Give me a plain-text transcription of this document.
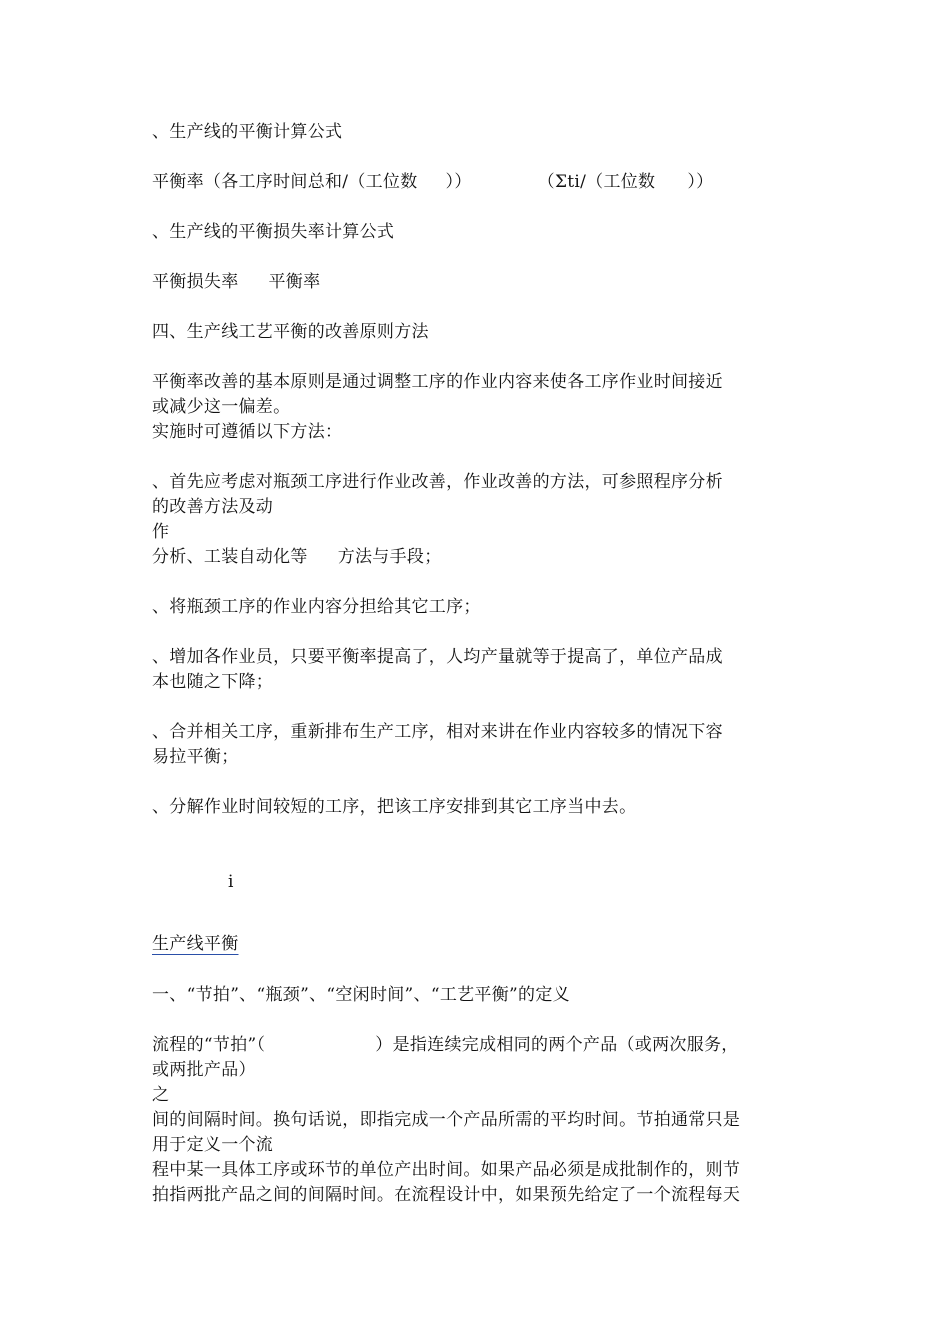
、生产线的平衡计算公式
平衡率（各工序时间总和/（工位数 ））	（Σti/（工位数 ））
、生产线的平衡损失率计算公式
平衡损失率 平衡率
四、生产线工艺平衡的改善原则方法
平衡率改善的基本原则是通过调整工序的作业内容来使各工序作业时间接近
或减少这一偏差。
实施时可遵循以下方法：
、首先应考虑对瓶颈工序进行作业改善，作业改善的方法，可参照程序分析
的改善方法及动
作
分析、工装自动化等 方法与手段；
、将瓶颈工序的作业内容分担给其它工序；
、增加各作业员，只要平衡率提高了，人均产量就等于提高了，单位产品成
本也随之下降；
、合并相关工序，重新排布生产工序，相对来讲在作业内容较多的情况下容
易拉平衡；
、分解作业时间较短的工序，把该工序安排到其它工序当中去。
i
生产线平衡
一、“节拍”、“瓶颈”、“空闲时间”、“工艺平衡”的定义
流程的“节拍”（	）是指连续完成相同的两个产品（或两次服务，
或两批产品）
之
间的间隔时间。换句话说，即指完成一个产品所需的平均时间。节拍通常只是
用于定义一个流
程中某一具体工序或环节的单位产出时间。如果产品必须是成批制作的，则节
拍指两批产品之间的间隔时间。在流程设计中，如果预先给定了一个流程每天
